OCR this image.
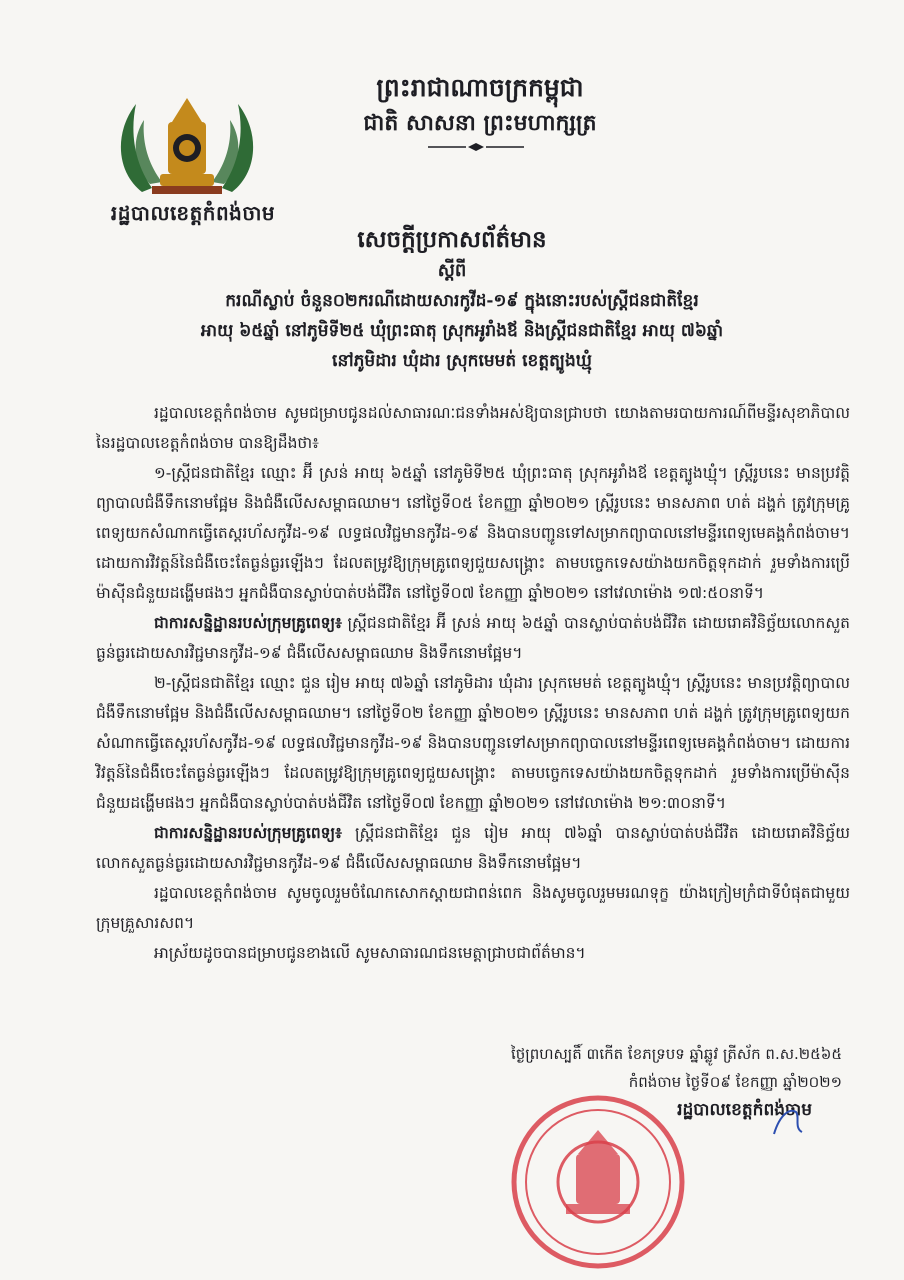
រដ្ឋបាលខេត្តកំពង់ចាម
ព្រះរាជាណាចក្រកម្ពុជា
ជាតិ សាសនា ព្រះមហាក្សត្រ
សេចក្តីប្រកាសព័ត៌មាន
ស្តីពី
ករណីស្លាប់ ចំនួន០២ករណីដោយសារកូវីដ-១៩ ក្នុងនោះរបស់ស្ត្រីជនជាតិខ្មែរ
អាយុ ៦៥ឆ្នាំ នៅភូមិទី២៥ ឃុំព្រះធាតុ ស្រុកអូរាំងឪ និងស្ត្រីជនជាតិខ្មែរ អាយុ ៧៦ឆ្នាំ
នៅភូមិដារ ឃុំដារ ស្រុកមេមត់ ខេត្តត្បូងឃ្មុំ

រដ្ឋបាលខេត្តកំពង់ចាម សូមជម្រាបជូនដល់សាធារណៈជនទាំងអស់ឱ្យបានជ្រាបថា យោងតាមរបាយការណ៍ពីមន្ទីរសុខាភិបាលនៃរដ្ឋបាលខេត្តកំពង់ចាម បានឱ្យដឹងថា៖

១-ស្ត្រីជនជាតិខ្មែរ ឈ្មោះ អ៊ី ស្រន់ អាយុ ៦៥ឆ្នាំ នៅភូមិទី២៥ ឃុំព្រះធាតុ ស្រុកអូរាំងឪ ខេត្តត្បូងឃ្មុំ។ ស្ត្រីរូបនេះ មានប្រវត្តិព្យាបាលជំងឺទឹកនោមផ្អែម និងជំងឺលើសសម្ពាធឈាម។ នៅថ្ងៃទី០៥ ខែកញ្ញា ឆ្នាំ២០២១ ស្ត្រីរូបនេះ មានសភាព ហត់ ដង្ហក់ ត្រូវក្រុមគ្រូពេទ្យយកសំណាកធ្វើតេស្តរហ័សកូវីដ-១៩ លទ្ធផលវិជ្ជមានកូវីដ-១៩ និងបានបញ្ជូនទៅសម្រាកព្យាបាលនៅមន្ទីរពេទ្យមេគង្គកំពង់ចាម។ ដោយការវិវត្តន៍នៃជំងឺចេះតែធ្ងន់ធ្ងរឡើងៗ ដែលតម្រូវឱ្យក្រុមគ្រូពេទ្យជួយសង្គ្រោះ តាមបច្ចេកទេសយ៉ាងយកចិត្តទុកដាក់ រួមទាំងការប្រើម៉ាស៊ីនជំនួយដង្ហើមផងៗ អ្នកជំងឺបានស្លាប់បាត់បង់ជីវិត នៅថ្ងៃទី០៧ ខែកញ្ញា ឆ្នាំ២០២១ នៅវេលាម៉ោង ១៧:៥០នាទី។

ជាការសន្និដ្ឋានរបស់ក្រុមគ្រូពេទ្យ៖ ស្ត្រីជនជាតិខ្មែរ អ៊ី ស្រន់ អាយុ ៦៥ឆ្នាំ បានស្លាប់បាត់បង់ជីវិត ដោយរោគវិនិច្ឆ័យលោកសួតធ្ងន់ធ្ងរដោយសារវិជ្ជមានកូវីដ-១៩ ជំងឺលើសសម្ពាធឈាម និងទឹកនោមផ្អែម។

២-ស្ត្រីជនជាតិខ្មែរ ឈ្មោះ ជួន រៀម អាយុ ៧៦ឆ្នាំ នៅភូមិដារ ឃុំដារ ស្រុកមេមត់ ខេត្តត្បូងឃ្មុំ។ ស្ត្រីរូបនេះ មានប្រវត្តិព្យាបាលជំងឺទឹកនោមផ្អែម និងជំងឺលើសសម្ពាធឈាម។ នៅថ្ងៃទី០២ ខែកញ្ញា ឆ្នាំ២០២១ ស្ត្រីរូបនេះ មានសភាព ហត់ ដង្ហក់ ត្រូវក្រុមគ្រូពេទ្យយកសំណាកធ្វើតេស្តរហ័សកូវីដ-១៩ លទ្ធផលវិជ្ជមានកូវីដ-១៩ និងបានបញ្ជូនទៅសម្រាកព្យាបាលនៅមន្ទីរពេទ្យមេគង្គកំពង់ចាម។ ដោយការវិវត្តន៍នៃជំងឺចេះតែធ្ងន់ធ្ងរឡើងៗ ដែលតម្រូវឱ្យក្រុមគ្រូពេទ្យជួយសង្គ្រោះ តាមបច្ចេកទេសយ៉ាងយកចិត្តទុកដាក់ រួមទាំងការប្រើម៉ាស៊ីនជំនួយដង្ហើមផងៗ អ្នកជំងឺបានស្លាប់បាត់បង់ជីវិត នៅថ្ងៃទី០៧ ខែកញ្ញា ឆ្នាំ២០២១ នៅវេលាម៉ោង ២១:៣០នាទី។

ជាការសន្និដ្ឋានរបស់ក្រុមគ្រូពេទ្យ៖ ស្ត្រីជនជាតិខ្មែរ ជួន រៀម អាយុ ៧៦ឆ្នាំ បានស្លាប់បាត់បង់ជីវិត ដោយរោគវិនិច្ឆ័យលោកសួតធ្ងន់ធ្ងរដោយសារវិជ្ជមានកូវីដ-១៩ ជំងឺលើសសម្ពាធឈាម និងទឹកនោមផ្អែម។

រដ្ឋបាលខេត្តកំពង់ចាម សូមចូលរួមចំណែកសោកស្តាយជាពន់ពេក និងសូមចូលរួមមរណទុក្ខ យ៉ាងក្រៀមក្រំជាទីបំផុតជាមួយក្រុមគ្រួសារសព។

អាស្រ័យដូចបានជម្រាបជូនខាងលើ សូមសាធារណជនមេត្តាជ្រាបជាព័ត៌មាន។

ថ្ងៃព្រហស្បតិ៍ ៣កើត ខែភទ្របទ ឆ្នាំឆ្លូវ ត្រីស័ក ព.ស.២៥៦៥
កំពង់ចាម ថ្ងៃទី០៩ ខែកញ្ញា ឆ្នាំ២០២១
រដ្ឋបាលខេត្តកំពង់ចាម
